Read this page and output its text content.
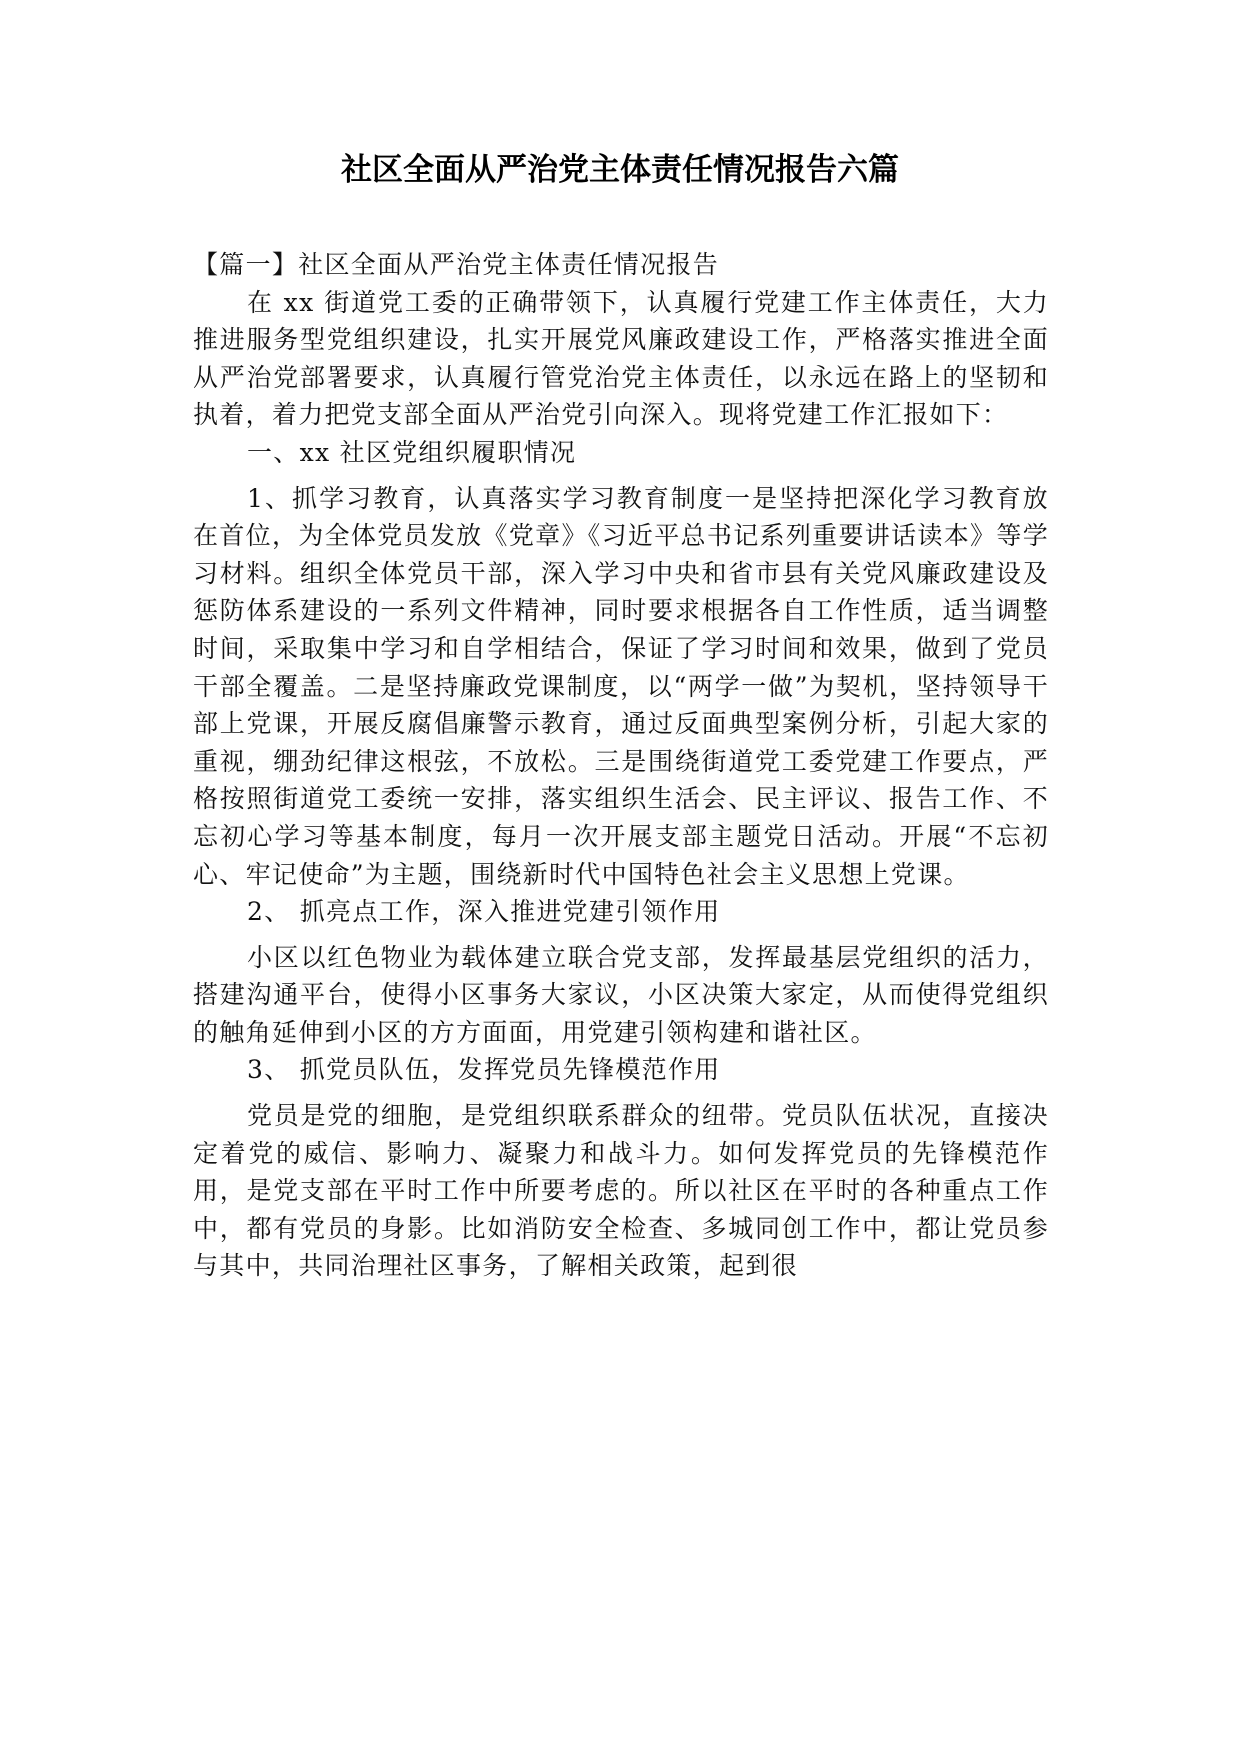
社区全面从严治党主体责任情况报告六篇

【篇一】社区全面从严治党主体责任情况报告

在 xx 街道党工委的正确带领下，认真履行党建工作主体责任，大力推进服务型党组织建设，扎实开展党风廉政建设工作，严格落实推进全面从严治党部署要求，认真履行管党治党主体责任，以永远在路上的坚韧和执着，着力把党支部全面从严治党引向深入。现将党建工作汇报如下：

一、xx 社区党组织履职情况

1、抓学习教育，认真落实学习教育制度一是坚持把深化学习教育放在首位，为全体党员发放《党章》《习近平总书记系列重要讲话读本》等学习材料。组织全体党员干部，深入学习中央和省市县有关党风廉政建设及惩防体系建设的一系列文件精神，同时要求根据各自工作性质，适当调整时间，采取集中学习和自学相结合，保证了学习时间和效果，做到了党员干部全覆盖。二是坚持廉政党课制度，以“两学一做”为契机，坚持领导干部上党课，开展反腐倡廉警示教育，通过反面典型案例分析，引起大家的重视，绷劲纪律这根弦，不放松。三是围绕街道党工委党建工作要点，严格按照街道党工委统一安排，落实组织生活会、民主评议、报告工作、不忘初心学习等基本制度，每月一次开展支部主题党日活动。开展“不忘初心、牢记使命”为主题，围绕新时代中国特色社会主义思想上党课。

2、 抓亮点工作，深入推进党建引领作用

小区以红色物业为载体建立联合党支部，发挥最基层党组织的活力，搭建沟通平台，使得小区事务大家议，小区决策大家定，从而使得党组织的触角延伸到小区的方方面面，用党建引领构建和谐社区。

3、 抓党员队伍，发挥党员先锋模范作用

党员是党的细胞，是党组织联系群众的纽带。党员队伍状况，直接决定着党的威信、影响力、凝聚力和战斗力。如何发挥党员的先锋模范作用，是党支部在平时工作中所要考虑的。所以社区在平时的各种重点工作中，都有党员的身影。比如消防安全检查、多城同创工作中，都让党员参与其中，共同治理社区事务，了解相关政策，起到很
